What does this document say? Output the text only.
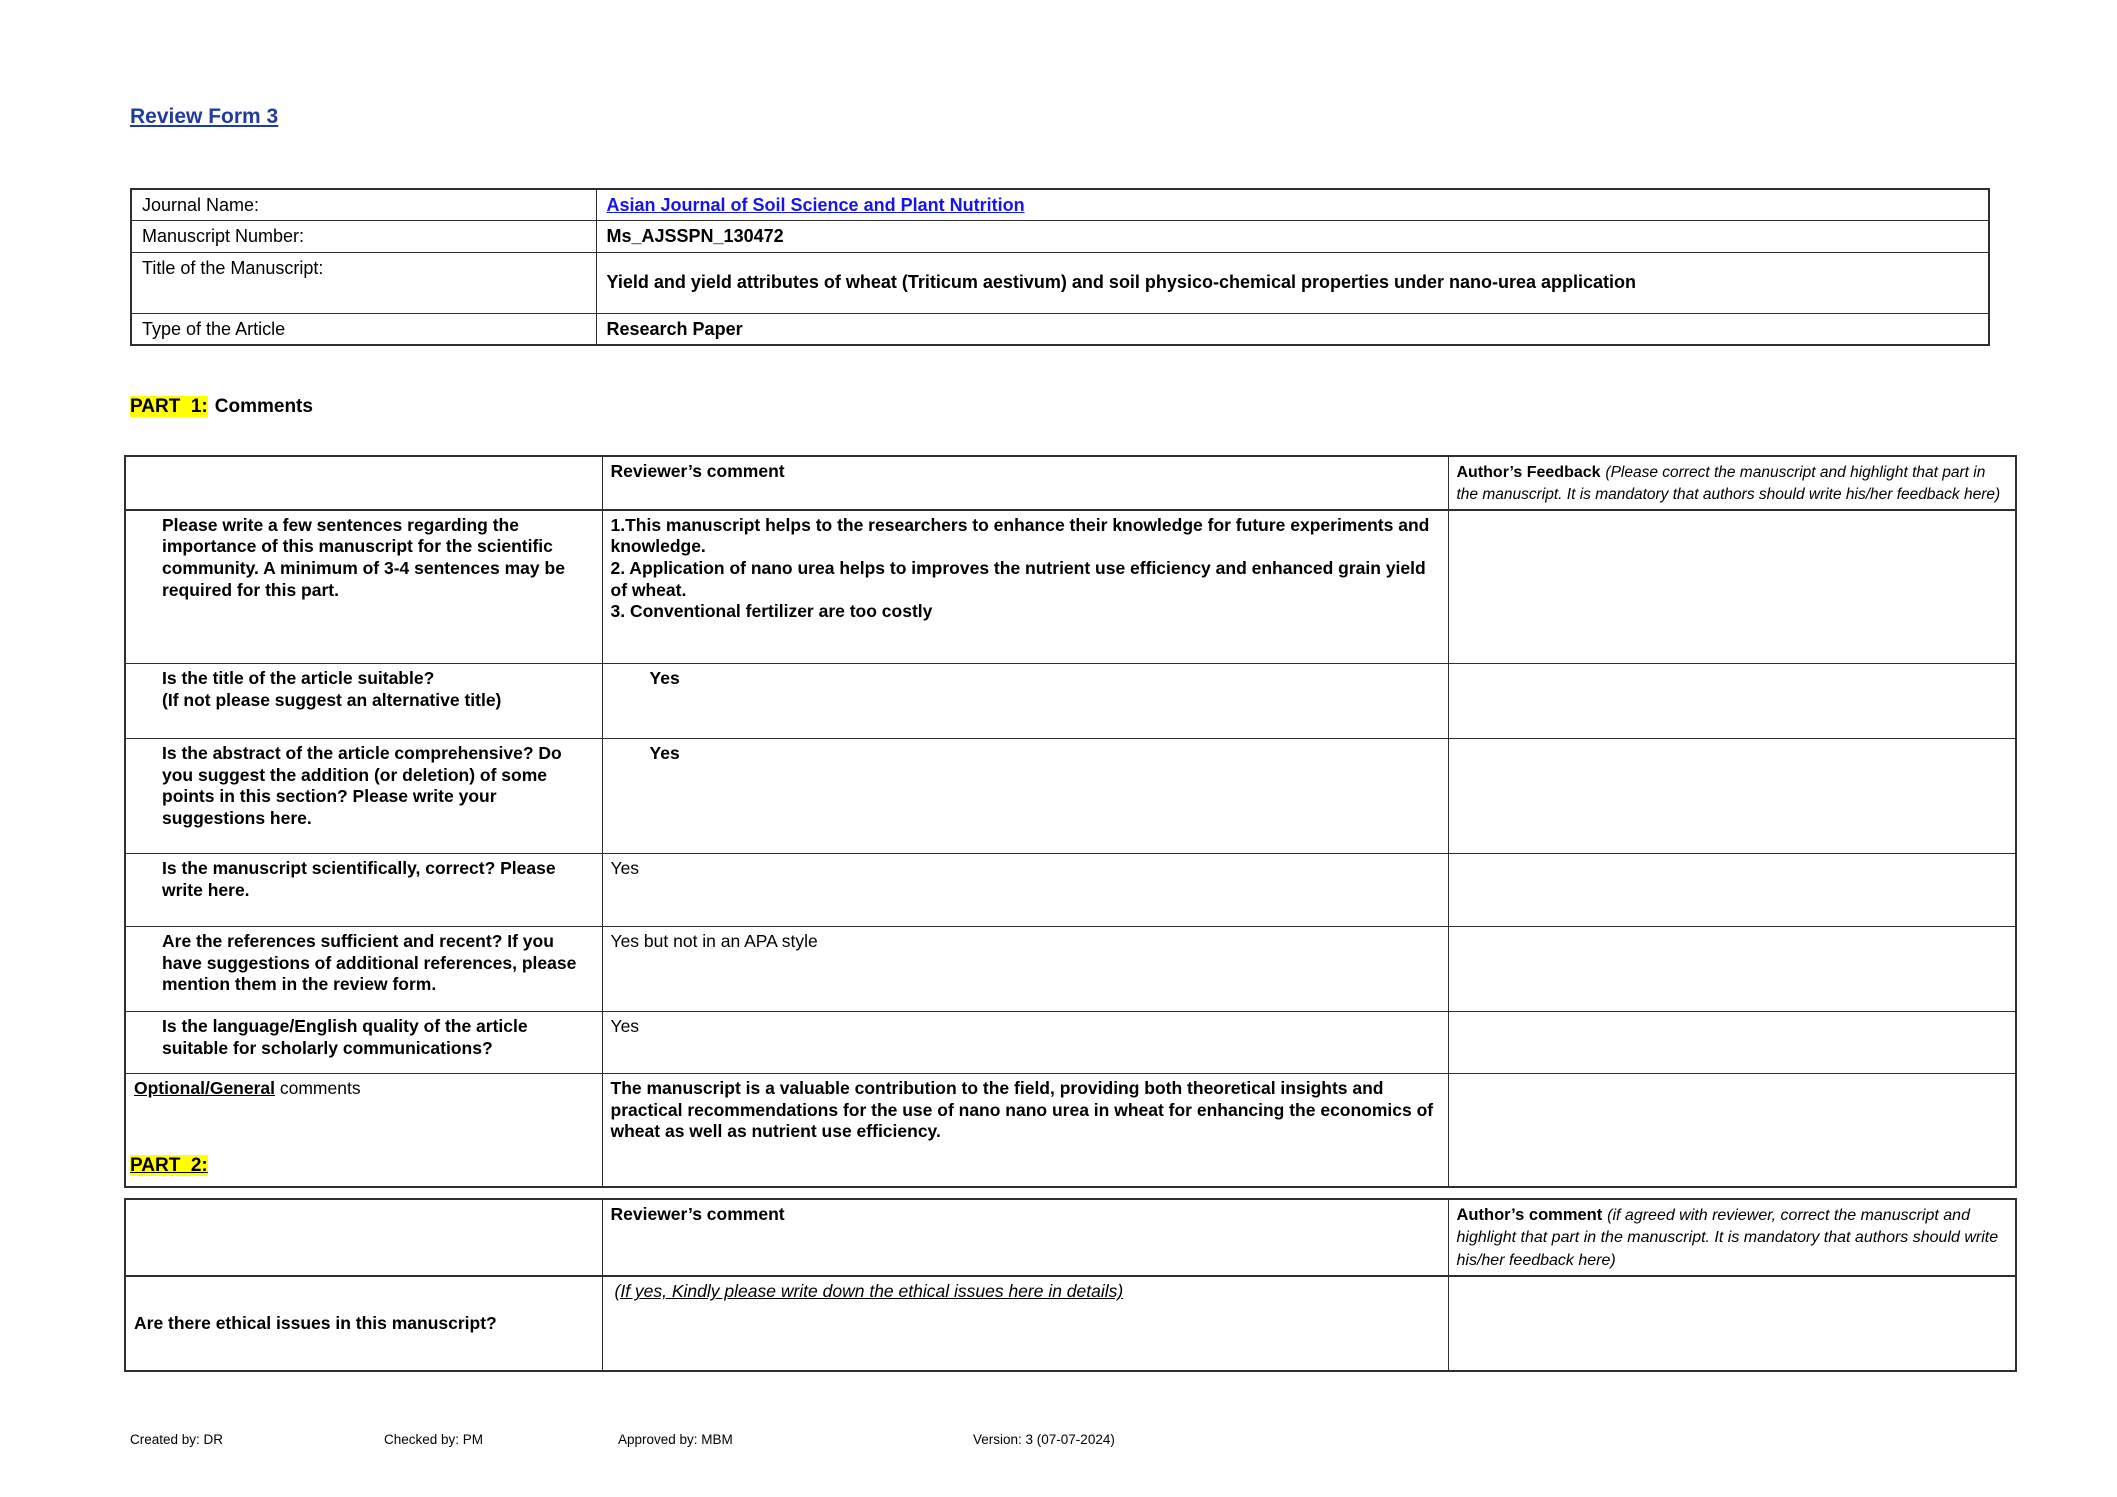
Review Form 3
Journal Name:	Asian Journal of Soil Science and Plant Nutrition
Manuscript Number:	Ms_AJSSPN_130472
Title of the Manuscript:	Yield and yield attributes of wheat (Triticum aestivum) and soil physico-chemical properties under nano-urea application
Type of the Article	Research Paper
PART  1: Comments
	Reviewer’s comment	Author’s Feedback (Please correct the manuscript and highlight that part in the manuscript. It is mandatory that authors should write his/her feedback here)
Please write a few sentences regarding the importance of this manuscript for the scientific community. A minimum of 3-4 sentences may be required for this part.	1.This manuscript helps to the researchers to enhance their knowledge for future experiments and knowledge.
2. Application of nano urea helps to improves the nutrient use efficiency and enhanced grain yield of wheat.
3. Conventional fertilizer are too costly	

Is the title of the article suitable?
(If not please suggest an alternative title)	Yes	
Is the abstract of the article comprehensive? Do you suggest the addition (or deletion) of some points in this section? Please write your suggestions here.	Yes	
Is the manuscript scientifically, correct? Please write here.	Yes	
Are the references sufficient and recent? If you have suggestions of additional references, please mention them in the review form.	Yes but not in an APA style	
Is the language/English quality of the article suitable for scholarly communications?	Yes	
Optional/General comments	The manuscript is a valuable contribution to the field, providing both theoretical insights and practical recommendations for the use of nano nano urea in wheat for enhancing the economics of wheat as well as nutrient use efficiency.	
PART  2:
	Reviewer’s comment	Author’s comment (if agreed with reviewer, correct the manuscript and highlight that part in the manuscript. It is mandatory that authors should write his/her feedback here)
Are there ethical issues in this manuscript?	(If yes, Kindly please write down the ethical issues here in details)	
Created by: DR	Checked by: PM	Approved by: MBM	Version: 3 (07-07-2024)
